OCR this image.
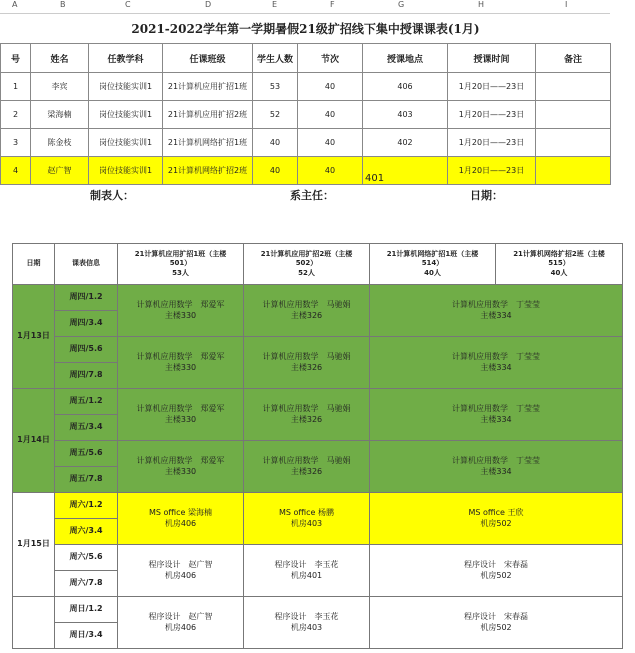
A	B	C	D	E	F	G	H	I
2021-2022学年第一学期暑假21级扩招线下集中授课课表(1月)								
号	姓名	任教学科	任课班级	学生人数	节次	授课地点	授课时间	备注
1	李宾	岗位技能实训1	21计算机应用扩招1班	53	40	406	1月20日——23日	
2	梁海楠	岗位技能实训1	21计算机应用扩招2班	52	40	403	1月20日——23日	
3	陈金枝	岗位技能实训1	21计算机网络扩招1班	40	40	402	1月20日——23日	
4	赵广智	岗位技能实训1	21计算机网络扩招2班	40	40	401	1月20日——23日	
制表人：	系主任：	日期：
日期	课表信息	21计算机应用扩招1班（主楼
501）
53人	21计算机应用扩招2班（主楼
502）
52人	21计算机网络扩招1班（主楼
514）
40人	21计算机网络扩招2班（主楼
515）
40人

1月13日	周四/1.2	计算机应用数学　郑爱军
主楼330	计算机应用数学　马驰娟
主楼326	计算机应用数学　丁莹莹
主楼334	

	周四/3.4				
	周四/5.6	计算机应用数学　郑爱军
主楼330	计算机应用数学　马驰娟
主楼326	计算机应用数学　丁莹莹
主楼334	

	周四/7.8				
1月14日	周五/1.2	计算机应用数学　郑爱军
主楼330	计算机应用数学　马驰娟
主楼326	计算机应用数学　丁莹莹
主楼334	

	周五/3.4				
	周五/5.6	计算机应用数学　郑爱军
主楼330	计算机应用数学　马驰娟
主楼326	计算机应用数学　丁莹莹
主楼334	

	周五/7.8				
1月15日	周六/1.2	MS office 梁海楠
机房406	MS office 杨鹏
机房403	MS office 王欣
机房502	

	周六/3.4				
	周六/5.6	程序设计　赵广智
机房406	程序设计　李玉花
机房401	程序设计　宋春磊
机房502	

	周六/7.8				
	周日/1.2	程序设计　赵广智
机房406	程序设计　李玉花
机房403	程序设计　宋春磊
机房502	

	周日/3.4				
